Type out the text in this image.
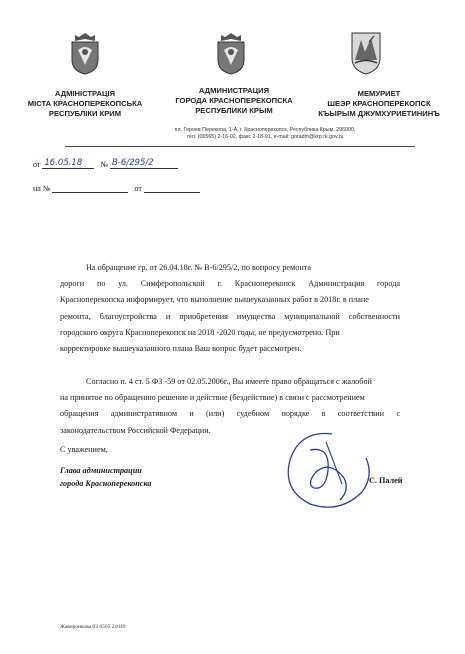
АДМІНІСТРАЦІЯ
МІСТА КРАСНОПЕРЕКОПСЬКА
РЕСПУБЛІКИ КРИМ
АДМИНИСТРАЦИЯ
ГОРОДА КРАСНОПЕРЕКОПСКА
РЕСПУБЛИКИ КРЫМ
МЕМУРИЕТ
ШЕЭР КРАСНОПЕРЕКОПСК
КЪЫРЫМ ДЖУМХУРИЕТИНИНЪ
пл. Героев Перекопа, 1-А, г. Красноперекопск, Республика Крым, 296000,
тел. (06565) 2-16-02, факс 2-18-91, e-mail: goradm@krp.rk.gov.ru
от 16.05.18 № В-6/295/2
на №	от
На обращение гр. от 26.04.18г. № В-6/295/2, по вопросу ремонта
дороги по ул. Симферопольской г. Красноперекопск Администрация города
Красноперекопска информирует, что выполнение вышеуказанных работ в 2018г. в плане
ремонта, благоустройства и приобретения имущества муниципальной собственности
городского округа Красноперекопск на 2018 -2020 годы, не предусмотрено. При
корректировке вышеуказанного плана Ваш вопрос будет рассмотрен.
Согласно п. 4 ст. 5 ФЗ -59 от 02.05.2006г., Вы имеете право обращаться с жалобой
на принятое по обращению решение и действие (бездействие) в связи с рассмотрением
обращения административном и (или) судебном порядке в соответствии с
законодательством Российской Федерации.
С уважением,
Глава администрации
города Красноперекопска	С. Палей
Жаворонкова 03 6565 21049
